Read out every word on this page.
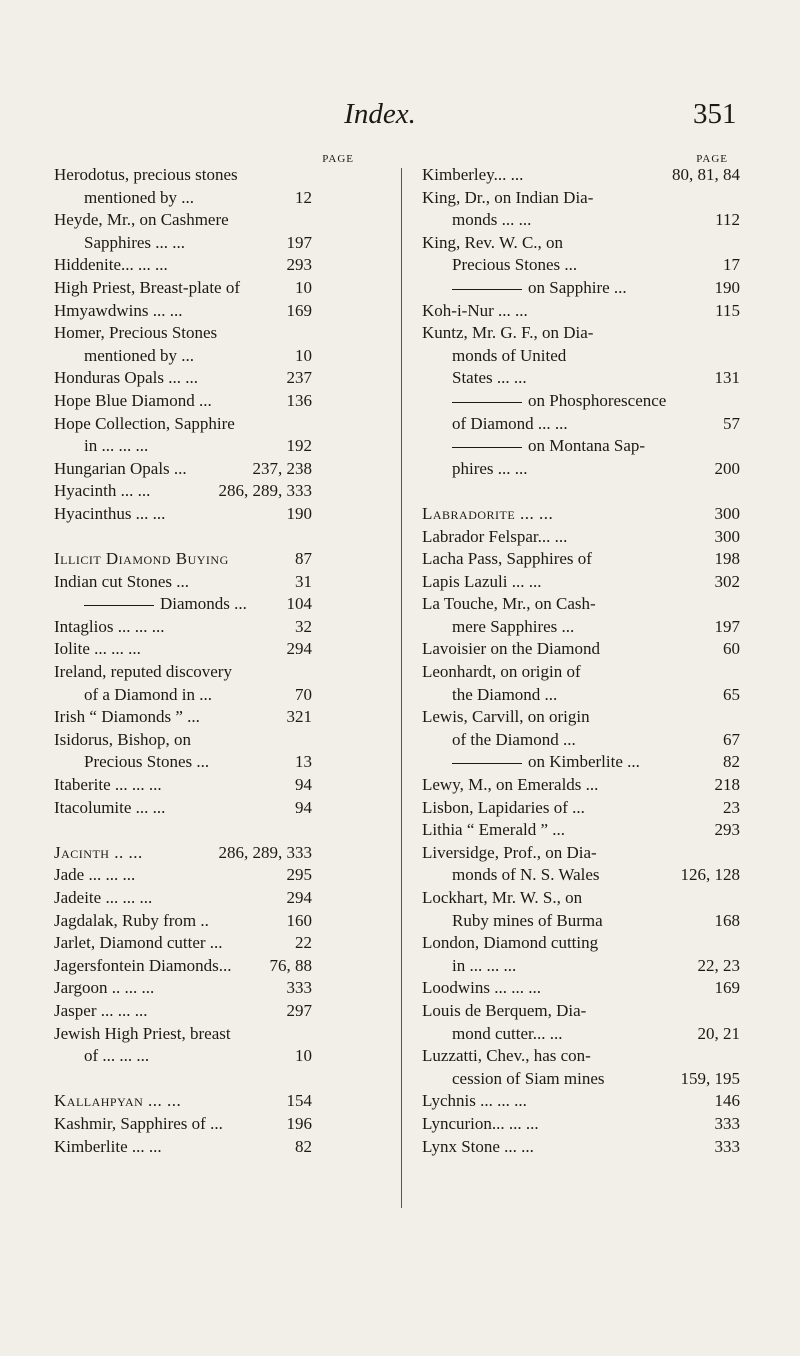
Index.	351
PAGE
Herodotus, precious stones
mentioned by ...	12
Heyde, Mr., on Cashmere
Sapphires ... ...	197
Hiddenite... ... ...	293
High Priest, Breast-plate of	10
Hmyawdwins ... ...	169
Homer, Precious Stones
mentioned by ...	10
Honduras Opals ... ...	237
Hope Blue Diamond ...	136
Hope Collection, Sapphire
in ... ... ...	192
Hungarian Opals ...	237, 238
Hyacinth ... ...	286, 289, 333
Hyacinthus ... ...	190
Illicit Diamond Buying	87
Indian cut Stones ...	31
Diamonds ... 104
Intaglios ... ... ...	32
Iolite ... ... ...	294
Ireland, reputed discovery
of a Diamond in ...	70
Irish “ Diamonds ” ...	321
Isidorus, Bishop, on
Precious Stones ...	13
Itaberite ... ... ...	94
Itacolumite ... ...	94
Jacinth .. ...	286, 289, 333
Jade ... ... ...	295
Jadeite ... ... ...	294
Jagdalak, Ruby from ..	160
Jarlet, Diamond cutter ...	22
Jagersfontein Diamonds... 76, 88
Jargoon .. ... ...	333
Jasper ... ... ...	297
Jewish High Priest, breast
of ... ... ...	10
Kallahpyan ... ...	154
Kashmir, Sapphires of ...	196
Kimberlite ... ...	82
PAGE
Kimberley... ...	80, 81, 84
King, Dr., on Indian Dia-
monds ... ...	112
King, Rev. W. C., on
Precious Stones ...	17
on Sapphire ...	190
Koh-i-Nur ... ...	115
Kuntz, Mr. G. F., on Dia-
monds of United
States ... ...	131
on Phosphorescence
of Diamond ... ...	57
on Montana Sap-
phires ... ...	200
Labradorite ... ...	300
Labrador Felspar... ...	300
Lacha Pass, Sapphires of	198
Lapis Lazuli ... ...	302
La Touche, Mr., on Cash-
mere Sapphires ...	197
Lavoisier on the Diamond	60
Leonhardt, on origin of
the Diamond ...	65
Lewis, Carvill, on origin
of the Diamond ...	67
on Kimberlite ...	82
Lewy, M., on Emeralds ...	218
Lisbon, Lapidaries of ...	23
Lithia “ Emerald ” ...	293
Liversidge, Prof., on Dia-
monds of N. S. Wales	126, 128
Lockhart, Mr. W. S., on
Ruby mines of Burma	168
London, Diamond cutting
in ... ... ...	22, 23
Loodwins ... ... ...	169
Louis de Berquem, Dia-
mond cutter... ...	20, 21
Luzzatti, Chev., has con-
cession of Siam mines	159, 195
Lychnis ... ... ...	146
Lyncurion... ... ...	333
Lynx Stone ... ...	333
